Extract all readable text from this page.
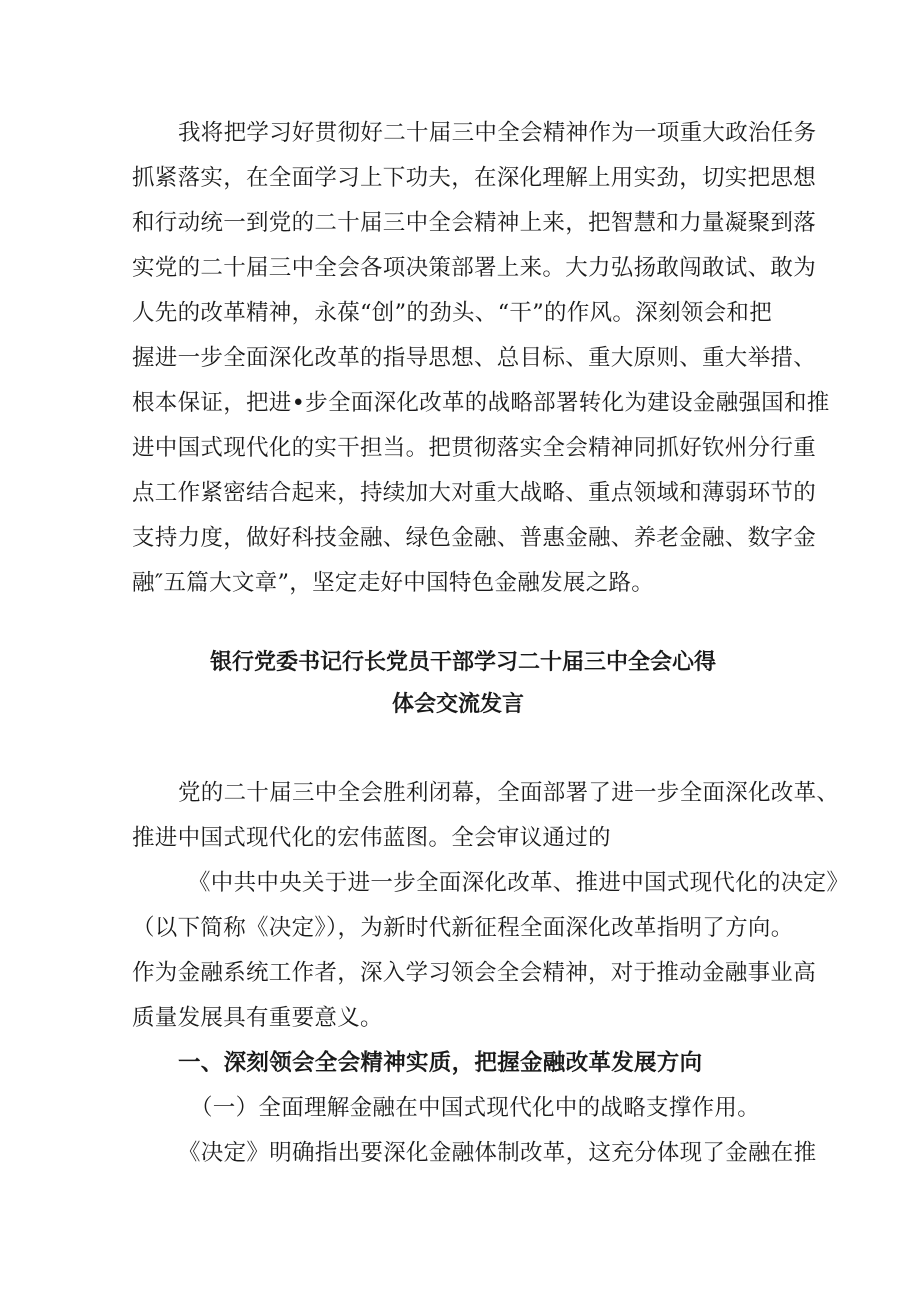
我将把学习好贯彻好二十届三中全会精神作为一项重大政治任务
抓紧落实，在全面学习上下功夫，在深化理解上用实劲，切实把思想
和行动统一到党的二十届三中全会精神上来，把智慧和力量凝聚到落
实党的二十届三中全会各项决策部署上来。大力弘扬敢闯敢试、敢为
人先的改革精神，永葆“创”的劲头、“干”的作风。深刻领会和把
握进一步全面深化改革的指导思想、总目标、重大原则、重大举措、
根本保证，把进•步全面深化改革的战略部署转化为建设金融强国和推
进中国式现代化的实干担当。把贯彻落实全会精神同抓好钦州分行重
点工作紧密结合起来，持续加大对重大战略、重点领域和薄弱环节的
支持力度，做好科技金融、绿色金融、普惠金融、养老金融、数字金
融″五篇大文章”，坚定走好中国特色金融发展之路。
银行党委书记行长党员干部学习二十届三中全会心得
体会交流发言
党的二十届三中全会胜利闭幕，全面部署了进一步全面深化改革、
推进中国式现代化的宏伟蓝图。全会审议通过的
《中共中央关于进一步全面深化改革、推进中国式现代化的决定》
（以下简称《决定》），为新时代新征程全面深化改革指明了方向。
作为金融系统工作者，深入学习领会全会精神，对于推动金融事业高
质量发展具有重要意义。
一、深刻领会全会精神实质，把握金融改革发展方向
（一）全面理解金融在中国式现代化中的战略支撑作用。
《决定》明确指出要深化金融体制改革，这充分体现了金融在推
